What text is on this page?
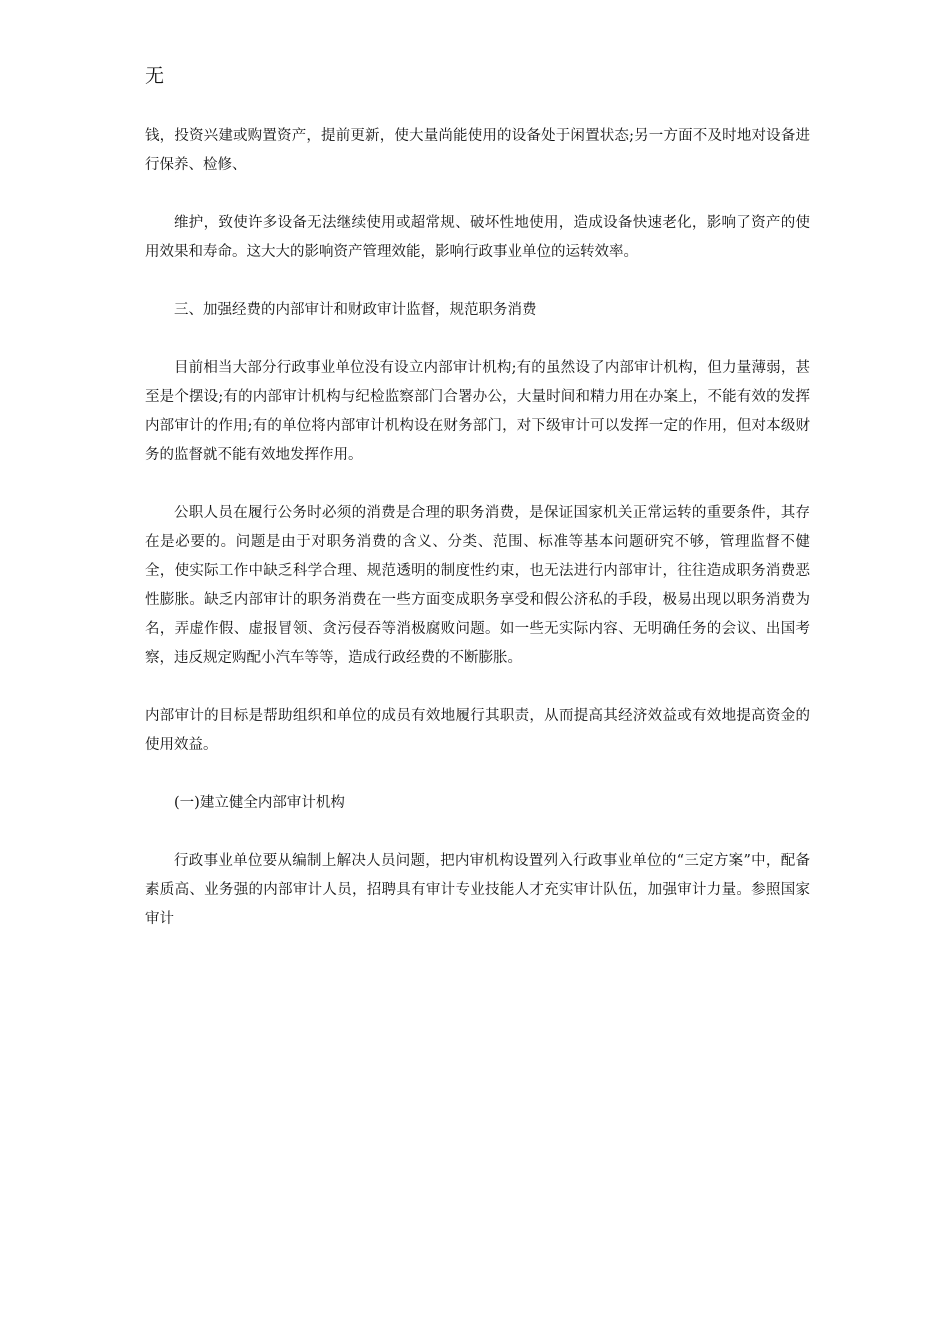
无

钱，投资兴建或购置资产，提前更新，使大量尚能使用的设备处于闲置状态;另一方面不及时地对设备进行保养、检修、

维护，致使许多设备无法继续使用或超常规、破坏性地使用，造成设备快速老化，影响了资产的使用效果和寿命。这大大的影响资产管理效能，影响行政事业单位的运转效率。

三、加强经费的内部审计和财政审计监督，规范职务消费

目前相当大部分行政事业单位没有设立内部审计机构;有的虽然设了内部审计机构，但力量薄弱，甚至是个摆设;有的内部审计机构与纪检监察部门合署办公，大量时间和精力用在办案上，不能有效的发挥内部审计的作用;有的单位将内部审计机构设在财务部门，对下级审计可以发挥一定的作用，但对本级财务的监督就不能有效地发挥作用。

公职人员在履行公务时必须的消费是合理的职务消费，是保证国家机关正常运转的重要条件，其存在是必要的。问题是由于对职务消费的含义、分类、范围、标准等基本问题研究不够，管理监督不健全，使实际工作中缺乏科学合理、规范透明的制度性约束，也无法进行内部审计，往往造成职务消费恶性膨胀。缺乏内部审计的职务消费在一些方面变成职务享受和假公济私的手段，极易出现以职务消费为名，弄虚作假、虚报冒领、贪污侵吞等消极腐败问题。如一些无实际内容、无明确任务的会议、出国考察，违反规定购配小汽车等等，造成行政经费的不断膨胀。

内部审计的目标是帮助组织和单位的成员有效地履行其职责，从而提高其经济效益或有效地提高资金的使用效益。

(一)建立健全内部审计机构

行政事业单位要从编制上解决人员问题，把内审机构设置列入行政事业单位的“三定方案”中，配备素质高、业务强的内部审计人员，招聘具有审计专业技能人才充实审计队伍，加强审计力量。参照国家审计
